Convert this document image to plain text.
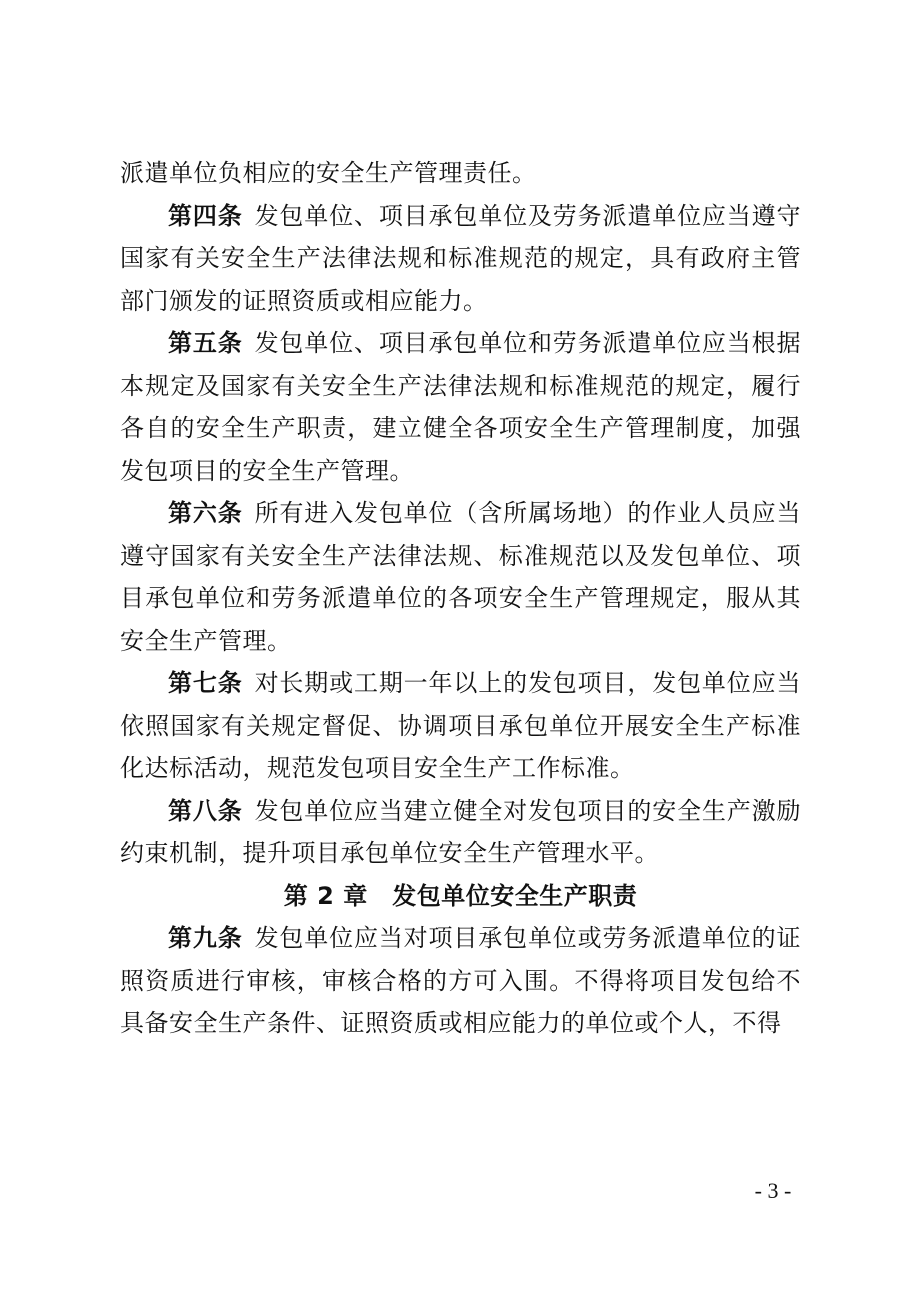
派遣单位负相应的安全生产管理责任。

第四条 发包单位、项目承包单位及劳务派遣单位应当遵守国家有关安全生产法律法规和标准规范的规定，具有政府主管部门颁发的证照资质或相应能力。

第五条 发包单位、项目承包单位和劳务派遣单位应当根据本规定及国家有关安全生产法律法规和标准规范的规定，履行各自的安全生产职责，建立健全各项安全生产管理制度，加强发包项目的安全生产管理。

第六条 所有进入发包单位（含所属场地）的作业人员应当遵守国家有关安全生产法律法规、标准规范以及发包单位、项目承包单位和劳务派遣单位的各项安全生产管理规定，服从其安全生产管理。

第七条 对长期或工期一年以上的发包项目，发包单位应当依照国家有关规定督促、协调项目承包单位开展安全生产标准化达标活动，规范发包项目安全生产工作标准。

第八条 发包单位应当建立健全对发包项目的安全生产激励约束机制，提升项目承包单位安全生产管理水平。

第 2 章　发包单位安全生产职责

第九条 发包单位应当对项目承包单位或劳务派遣单位的证照资质进行审核，审核合格的方可入围。不得将项目发包给不具备安全生产条件、证照资质或相应能力的单位或个人，不得

- 3 -
